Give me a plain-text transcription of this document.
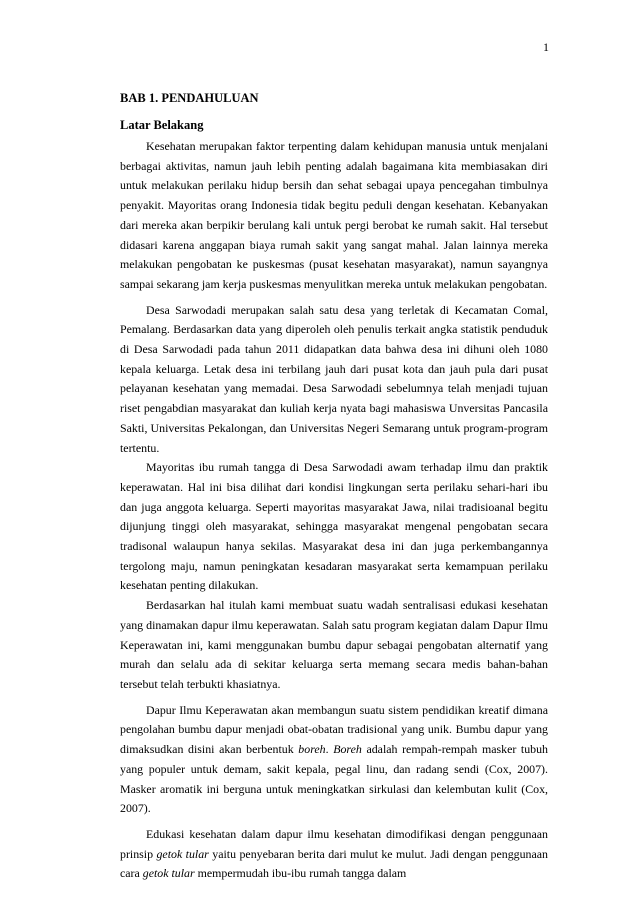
1
BAB 1. PENDAHULUAN
Latar Belakang

Kesehatan merupakan faktor terpenting dalam kehidupan manusia untuk menjalani berbagai aktivitas, namun jauh lebih penting adalah bagaimana kita membiasakan diri untuk melakukan perilaku hidup bersih dan sehat sebagai upaya pencegahan timbulnya penyakit. Mayoritas orang Indonesia tidak begitu peduli dengan kesehatan. Kebanyakan dari mereka akan berpikir berulang kali untuk pergi berobat ke rumah sakit. Hal tersebut didasari karena anggapan biaya rumah sakit yang sangat mahal. Jalan lainnya mereka melakukan pengobatan ke puskesmas (pusat kesehatan masyarakat), namun sayangnya sampai sekarang jam kerja puskesmas menyulitkan mereka untuk melakukan pengobatan.

Desa Sarwodadi merupakan salah satu desa yang terletak di Kecamatan Comal, Pemalang. Berdasarkan data yang diperoleh oleh penulis terkait angka statistik penduduk di Desa Sarwodadi pada tahun 2011 didapatkan data bahwa desa ini dihuni oleh 1080 kepala keluarga. Letak desa ini terbilang jauh dari pusat kota dan jauh pula dari pusat pelayanan kesehatan yang memadai. Desa Sarwodadi sebelumnya telah menjadi tujuan riset pengabdian masyarakat dan kuliah kerja nyata bagi mahasiswa Unversitas Pancasila Sakti, Universitas Pekalongan, dan Universitas Negeri Semarang untuk program-program tertentu.

Mayoritas ibu rumah tangga di Desa Sarwodadi awam terhadap ilmu dan praktik keperawatan. Hal ini bisa dilihat dari kondisi lingkungan serta perilaku sehari-hari ibu dan juga anggota keluarga. Seperti mayoritas masyarakat Jawa, nilai tradisioanal begitu dijunjung tinggi oleh masyarakat, sehingga masyarakat mengenal pengobatan secara tradisonal walaupun hanya sekilas. Masyarakat desa ini dan juga perkembangannya tergolong maju, namun peningkatan kesadaran masyarakat serta kemampuan perilaku kesehatan penting dilakukan.

Berdasarkan hal itulah kami membuat suatu wadah sentralisasi edukasi kesehatan yang dinamakan dapur ilmu keperawatan. Salah satu program kegiatan dalam Dapur Ilmu Keperawatan ini, kami menggunakan bumbu dapur sebagai pengobatan alternatif yang murah dan selalu ada di sekitar keluarga serta memang secara medis bahan-bahan tersebut telah terbukti khasiatnya.

Dapur Ilmu Keperawatan akan membangun suatu sistem pendidikan kreatif dimana pengolahan bumbu dapur menjadi obat-obatan tradisional yang unik. Bumbu dapur yang dimaksudkan disini akan berbentuk boreh. Boreh adalah rempah-rempah masker tubuh yang populer untuk demam, sakit kepala, pegal linu, dan radang sendi (Cox, 2007). Masker aromatik ini berguna untuk meningkatkan sirkulasi dan kelembutan kulit (Cox, 2007).

Edukasi kesehatan dalam dapur ilmu kesehatan dimodifikasi dengan penggunaan prinsip getok tular yaitu penyebaran berita dari mulut ke mulut. Jadi dengan penggunaan cara getok tular mempermudah ibu-ibu rumah tangga dalam
